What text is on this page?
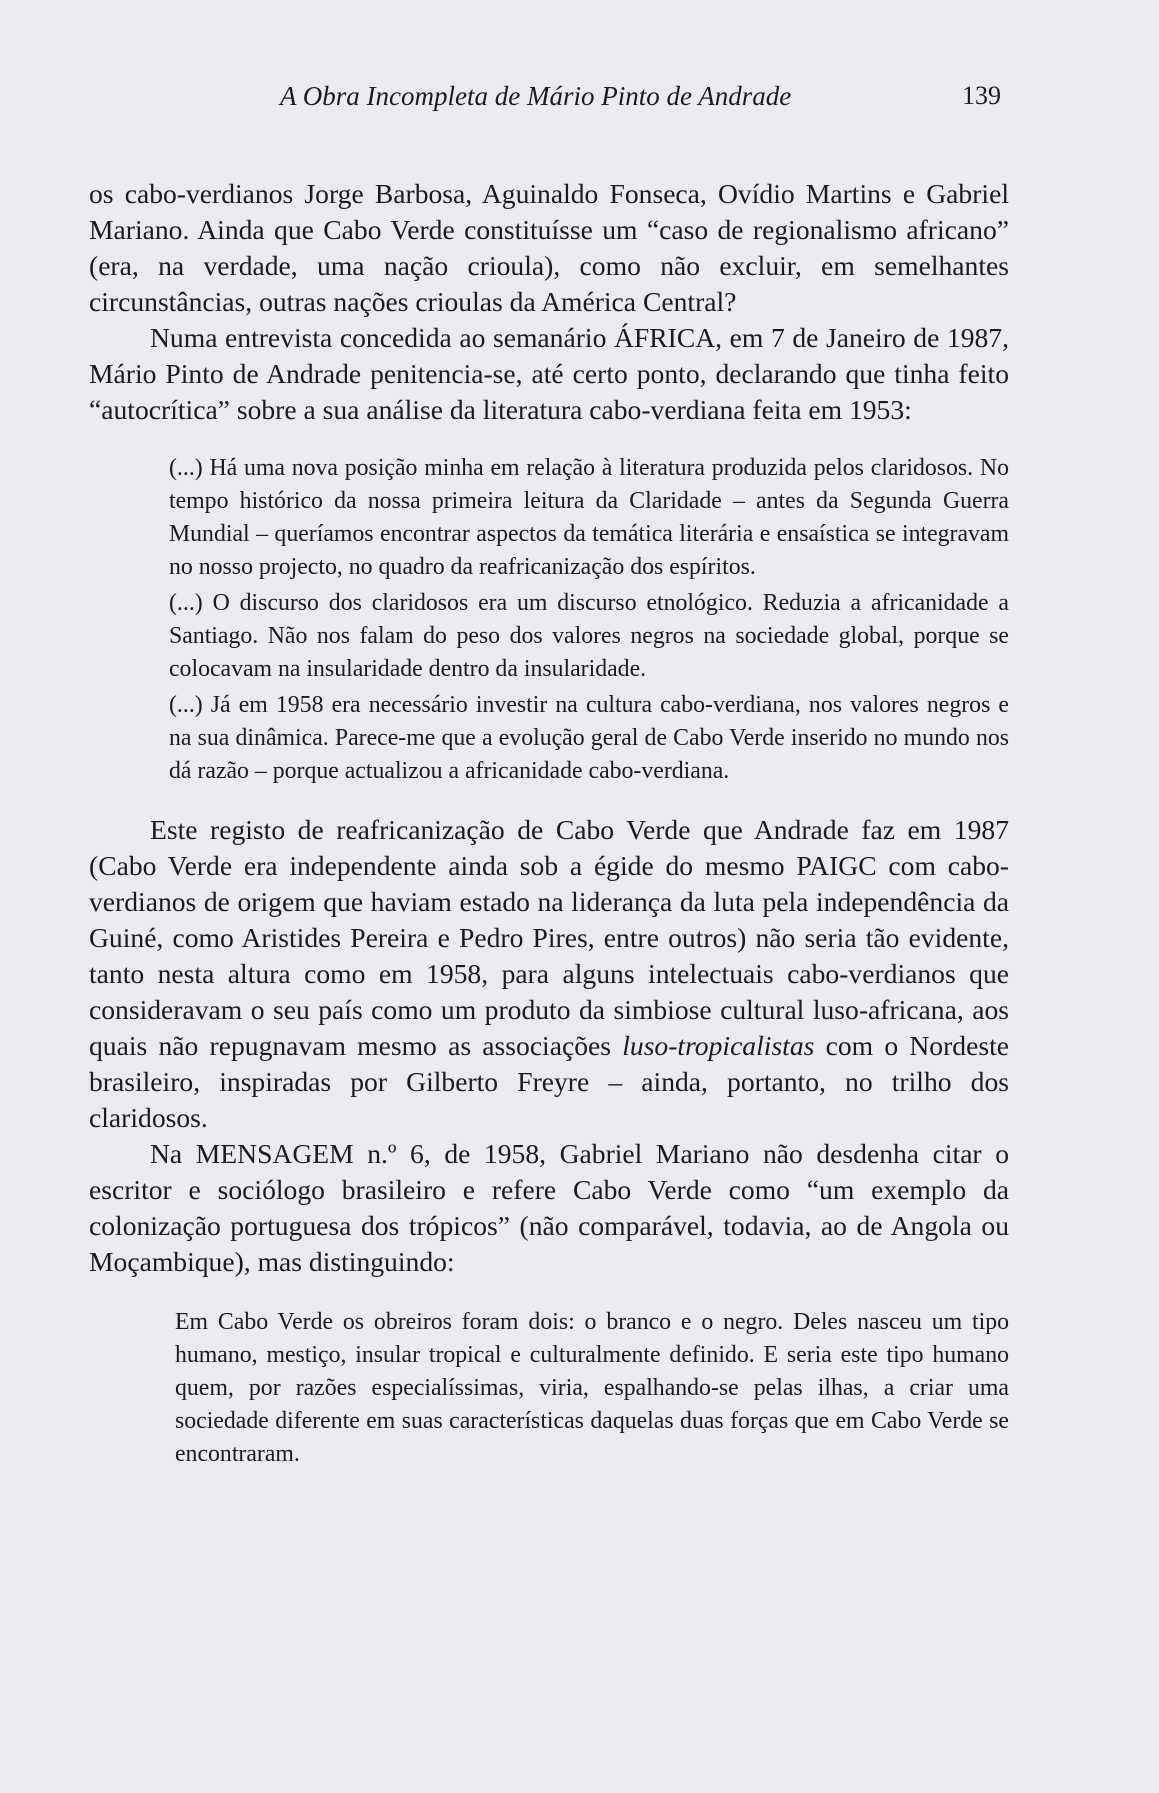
A Obra Incompleta de Mário Pinto de Andrade	139

os cabo-verdianos Jorge Barbosa, Aguinaldo Fonseca, Ovídio Martins e Gabriel Mariano. Ainda que Cabo Verde constituísse um “caso de regionalismo africano” (era, na verdade, uma nação crioula), como não excluir, em semelhantes circunstâncias, outras nações crioulas da América Central?

Numa entrevista concedida ao semanário ÁFRICA, em 7 de Janeiro de 1987, Mário Pinto de Andrade penitencia-se, até certo ponto, declarando que tinha feito “autocrítica” sobre a sua análise da literatura cabo-verdiana feita em 1953:

(...) Há uma nova posição minha em relação à literatura produzida pelos claridosos. No tempo histórico da nossa primeira leitura da Claridade – antes da Segunda Guerra Mundial – queríamos encontrar aspectos da temática literária e ensaística se integravam no nosso projecto, no quadro da reafricanização dos espíritos.

(...) O discurso dos claridosos era um discurso etnológico. Reduzia a africanidade a Santiago. Não nos falam do peso dos valores negros na sociedade global, porque se colocavam na insularidade dentro da insularidade.

(...) Já em 1958 era necessário investir na cultura cabo-verdiana, nos valores negros e na sua dinâmica. Parece-me que a evolução geral de Cabo Verde inserido no mundo nos dá razão – porque actualizou a africanidade cabo-verdiana.

Este registo de reafricanização de Cabo Verde que Andrade faz em 1987 (Cabo Verde era independente ainda sob a égide do mesmo PAIGC com cabo-verdianos de origem que haviam estado na liderança da luta pela independência da Guiné, como Aristides Pereira e Pedro Pires, entre outros) não seria tão evidente, tanto nesta altura como em 1958, para alguns intelectuais cabo-verdianos que consideravam o seu país como um produto da simbiose cultural luso-africana, aos quais não repugnavam mesmo as associações luso-tropicalistas com o Nordeste brasileiro, inspiradas por Gilberto Freyre – ainda, portanto, no trilho dos claridosos.

Na MENSAGEM n.º 6, de 1958, Gabriel Mariano não desdenha citar o escritor e sociólogo brasileiro e refere Cabo Verde como “um exemplo da colonização portuguesa dos trópicos” (não comparável, todavia, ao de Angola ou Moçambique), mas distinguindo:

Em Cabo Verde os obreiros foram dois: o branco e o negro. Deles nasceu um tipo humano, mestiço, insular tropical e culturalmente definido. E seria este tipo humano quem, por razões especialíssimas, viria, espalhando-se pelas ilhas, a criar uma sociedade diferente em suas características daquelas duas forças que em Cabo Verde se encontraram.
